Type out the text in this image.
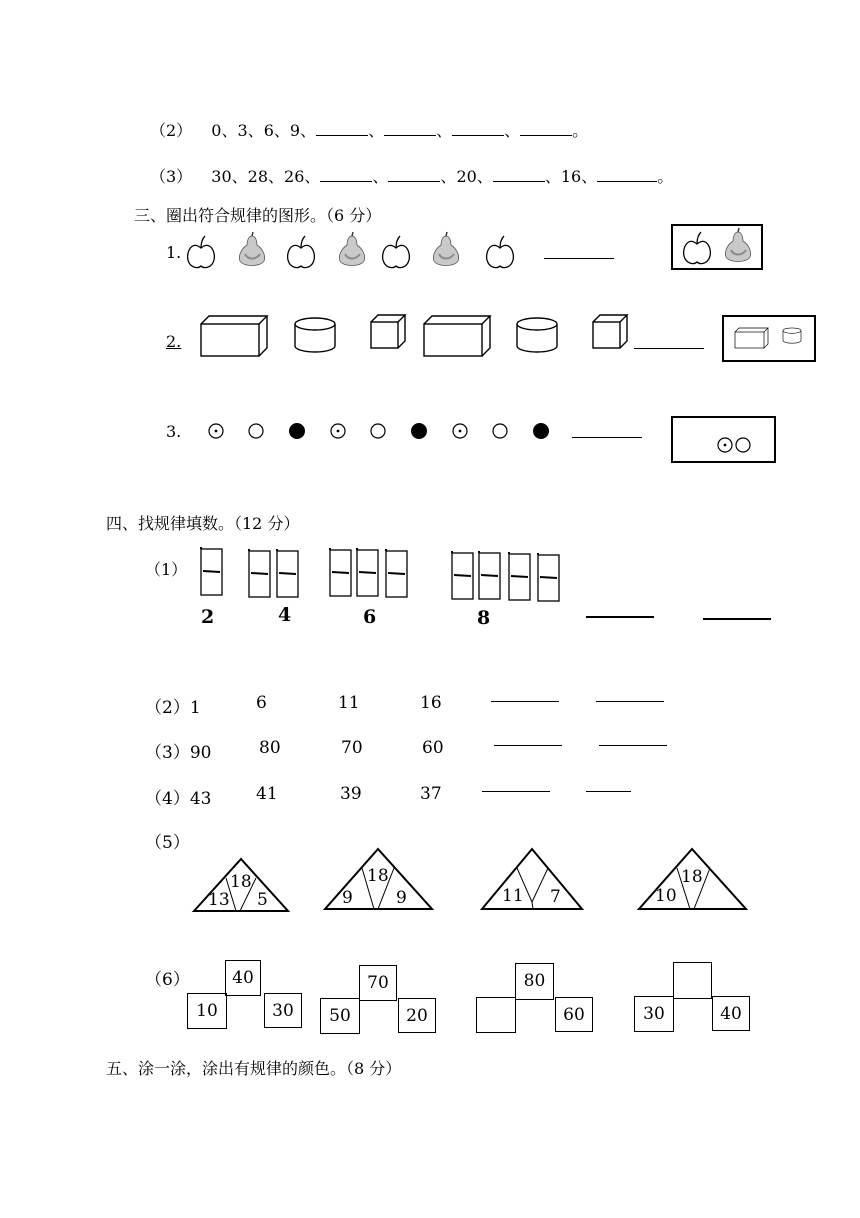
（2） 0、3、6、9、	、	、	、	。
（3） 30、28、26、	、	、20、	、16、	。
三、圈出符合规律的图形。（6 分）
1.
2.
3.
四、找规律填数。（12 分）
（1）
2	4	6	8
（2）1	6	11	16
（3）90	80	70	60
（4）43	41	39	37
（5）
18
13 5
18
9	9	11 7
18
10
（6）	40
10	30
70
50	20
80
60	30	40
五、涂一涂，涂出有规律的颜色。（8 分）
